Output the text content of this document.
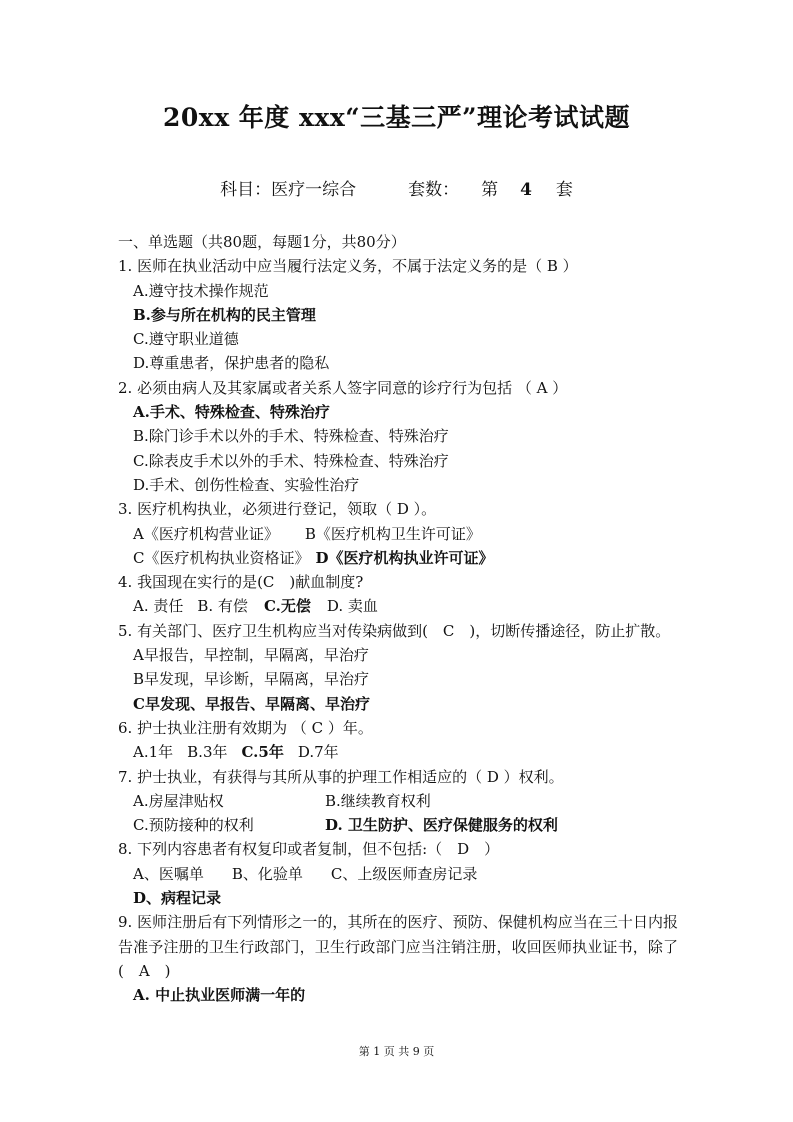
20xx 年度 xxx“三基三严”理论考试试题
科目：医疗一综合	套数： 第 4 套
一、单选题（共80题，每题1分，共80分）
1. 医师在执业活动中应当履行法定义务，不属于法定义务的是（ B ）
A.遵守技术操作规范
B.参与所在机构的民主管理
C.遵守职业道德
D.尊重患者，保护患者的隐私
2. 必须由病人及其家属或者关系人签字同意的诊疗行为包括 （ A ）
A.手术、特殊检查、特殊治疗
B.除门诊手术以外的手术、特殊检查、特殊治疗
C.除表皮手术以外的手术、特殊检查、特殊治疗
D.手术、创伤性检查、实验性治疗
3. 医疗机构执业，必须进行登记，领取（ D ）。
A《医疗机构营业证》 B《医疗机构卫生许可证》
C《医疗机构执业资格证》 D《医疗机构执业许可证》
4. 我国现在实行的是(C　)献血制度?
A. 责任 B. 有偿 C.无偿 D. 卖血
5. 有关部门、医疗卫生机构应当对传染病做到(　C　)，切断传播途径，防止扩散。
A早报告，早控制，早隔离，早治疗
B早发现，早诊断，早隔离，早治疗
C早发现、早报告、早隔离、早治疗
6. 护士执业注册有效期为 （ C ）年。
A.1年 B.3年 C.5年 D.7年
7. 护士执业，有获得与其所从事的护理工作相适应的（ D ）权利。
A.房屋津贴权	B.继续教育权利
C.预防接种的权利	D. 卫生防护、医疗保健服务的权利
8. 下列内容患者有权复印或者复制，但不包括:（　D　）
A、医嘱单 B、化验单 C、上级医师查房记录
D、病程记录
9. 医师注册后有下列情形之一的，其所在的医疗、预防、保健机构应当在三十日内报告准予注册的卫生行政部门，卫生行政部门应当注销注册，收回医师执业证书，除了(　A　)
A. 中止执业医师满一年的
第 1 页 共 9 页
